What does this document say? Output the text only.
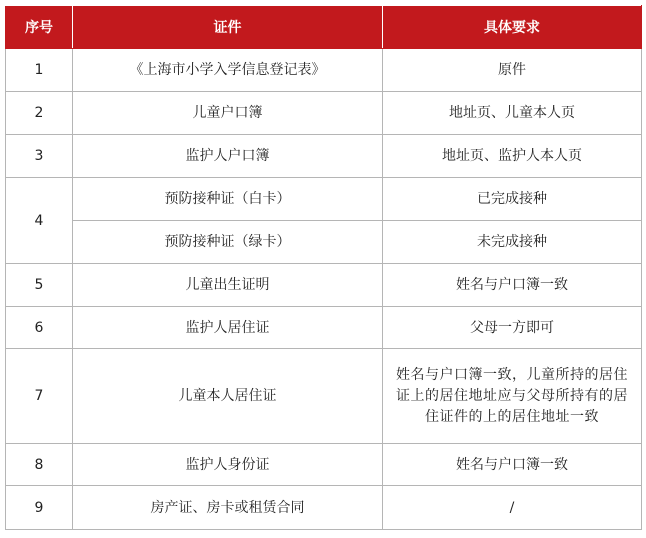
序号	证件	具体要求
1	《上海市小学入学信息登记表》	原件
2	儿童户口簿	地址页、儿童本人页
3	监护人户口簿	地址页、监护人本人页
4	预防接种证（白卡）	已完成接种
	预防接种证（绿卡）	未完成接种
5	儿童出生证明	姓名与户口簿一致
6	监护人居住证	父母一方即可
7	儿童本人居住证	姓名与户口簿一致，儿童所持的居住证上的居住地址应与父母所持有的居住证件的上的居住地址一致

8	监护人身份证	姓名与户口簿一致
9	房产证、房卡或租赁合同	/
